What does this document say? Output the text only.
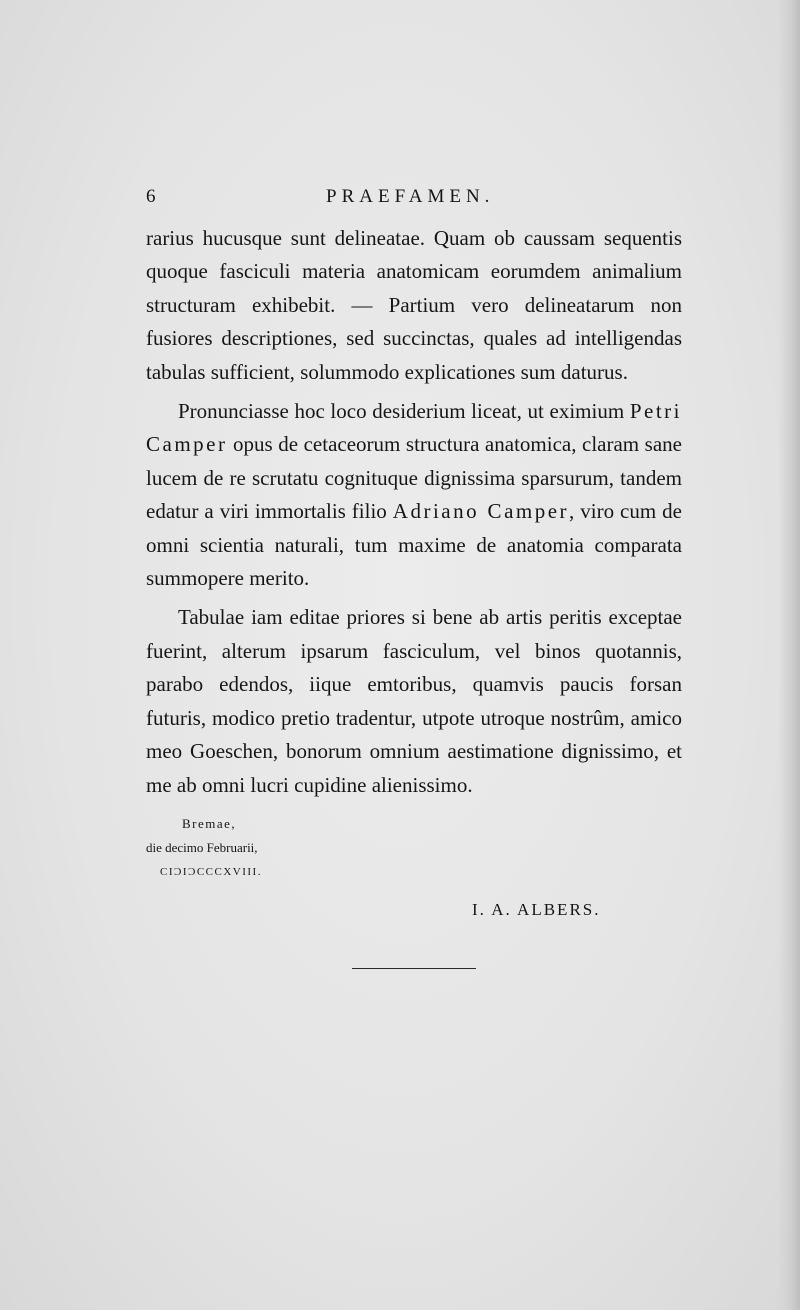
6	PRAEFAMEN.

rarius hucusque sunt delineatae. Quam ob caussam sequentis quoque fasciculi materia anatomicam eorumdem animalium structuram exhibebit. — Partium vero delineatarum non fusiores descriptiones, sed succinctas, quales ad intelligendas tabulas sufficient, solummodo explicationes sum daturus.

Pronunciasse hoc loco desiderium liceat, ut eximium Petri Camper opus de cetaceorum structura anatomica, claram sane lucem de re scrutatu cognituque dignissima sparsurum, tandem edatur a viri immortalis filio Adriano Camper, viro cum de omni scientia naturali, tum maxime de anatomia comparata summopere merito.

Tabulae iam editae priores si bene ab artis peritis exceptae fuerint, alterum ipsarum fasciculum, vel binos quotannis, parabo edendos, iique emtoribus, quamvis paucis forsan futuris, modico pretio tradentur, utpote utroque nostrûm, amico meo Goeschen, bonorum omnium aestimatione dignissimo, et me ab omni lucri cupidine alienissimo.

Bremae,
die decimo Februarii,
CIƆIƆCCCXVIII.
I. A. ALBERS.
